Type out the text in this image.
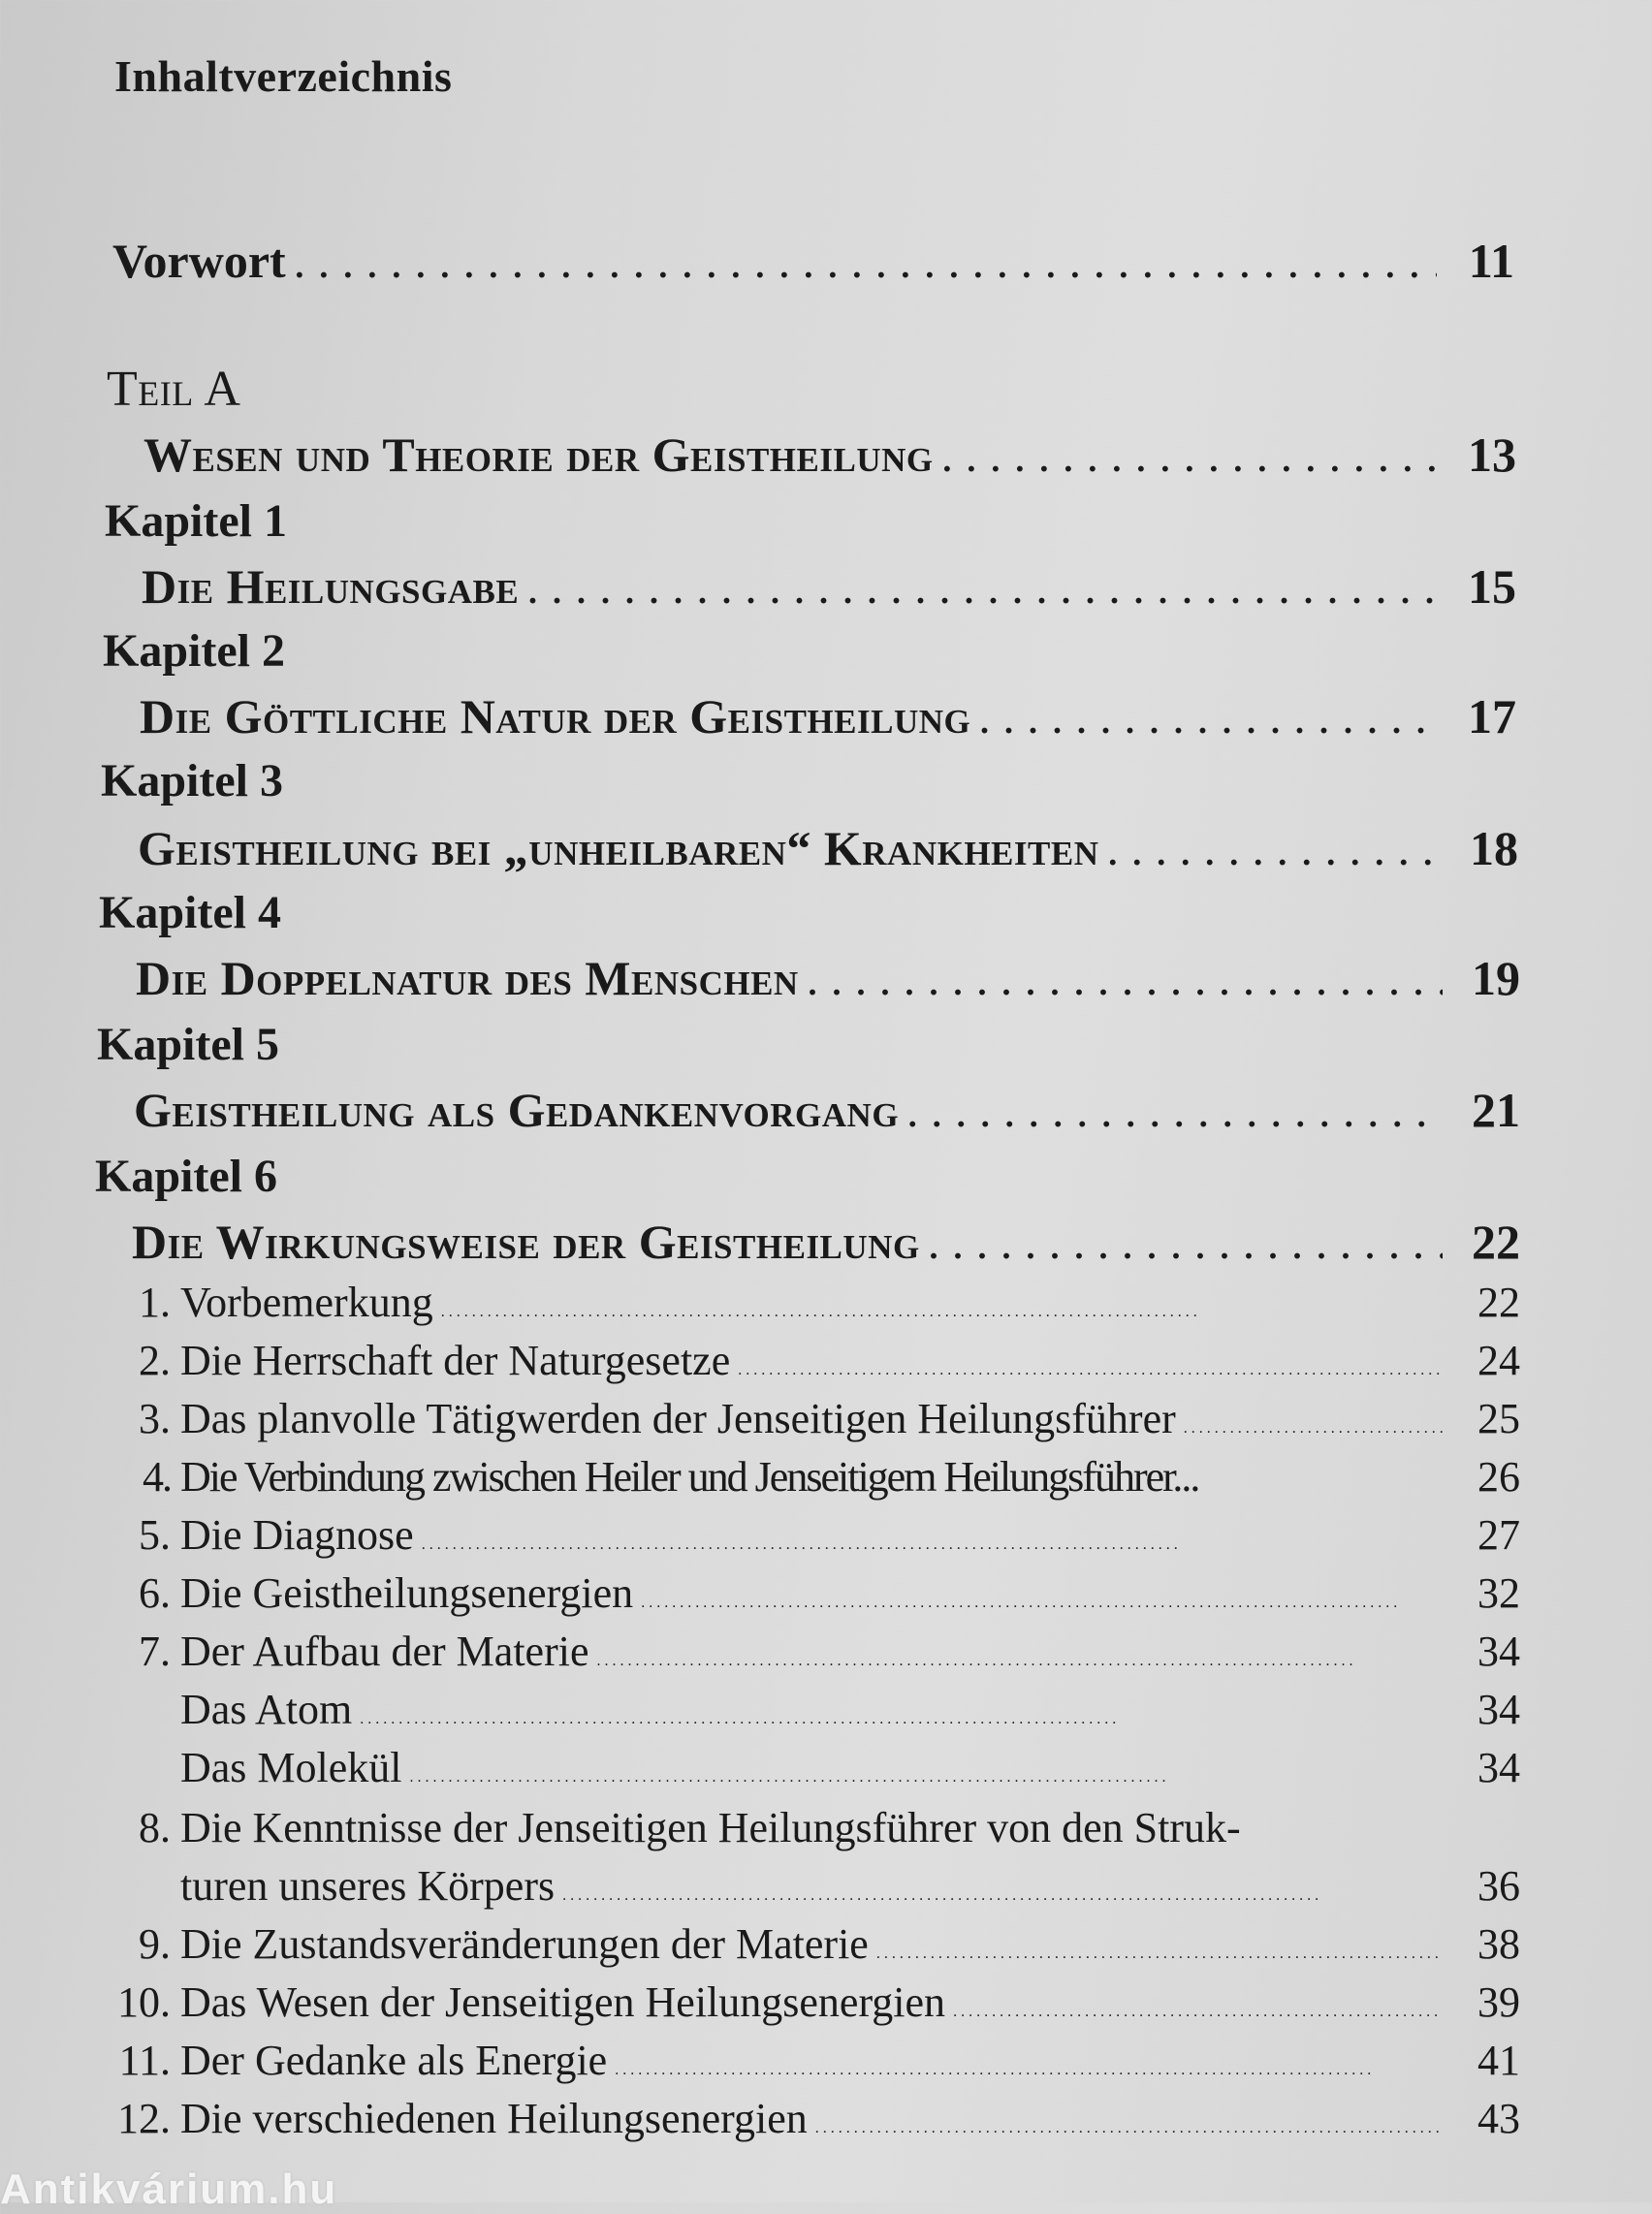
Inhaltverzeichnis
Vorwort . . .	11
Teil A
Wesen und Theorie der Geistheilung . . .	13
Kapitel 1
Die Heilungsgabe . . .	15
Kapitel 2
Die Göttliche Natur der Geistheilung . . .	17
Kapitel 3
Geistheilung bei „unheilbaren“ Krankheiten . . .	18
Kapitel 4
Die Doppelnatur des Menschen . . .	19
Kapitel 5
Geistheilung als Gedankenvorgang . . .	21
Kapitel 6
Die Wirkungsweise der Geistheilung . . .	22
1. Vorbemerkung . . .	22
2. Die Herrschaft der Naturgesetze . . .	24
3. Das planvolle Tätigwerden der Jenseitigen Heilungsführer . . .	25
4. Die Verbindung zwischen Heiler und Jenseitigem Heilungsführer...	26
5. Die Diagnose . . .	27
6. Die Geistheilungsenergien . . .	32
7. Der Aufbau der Materie . . .	34
Das Atom . . .	34
Das Molekül . . .	34
8. Die Kenntnisse der Jenseitigen Heilungsführer von den Struk-
turen unseres Körpers . . .	36
9. Die Zustandsveränderungen der Materie . . .	38
10. Das Wesen der Jenseitigen Heilungsenergien . . .	39
11. Der Gedanke als Energie . . .	41
12. Die verschiedenen Heilungsenergien . . .	43
Antikvárium.hu
